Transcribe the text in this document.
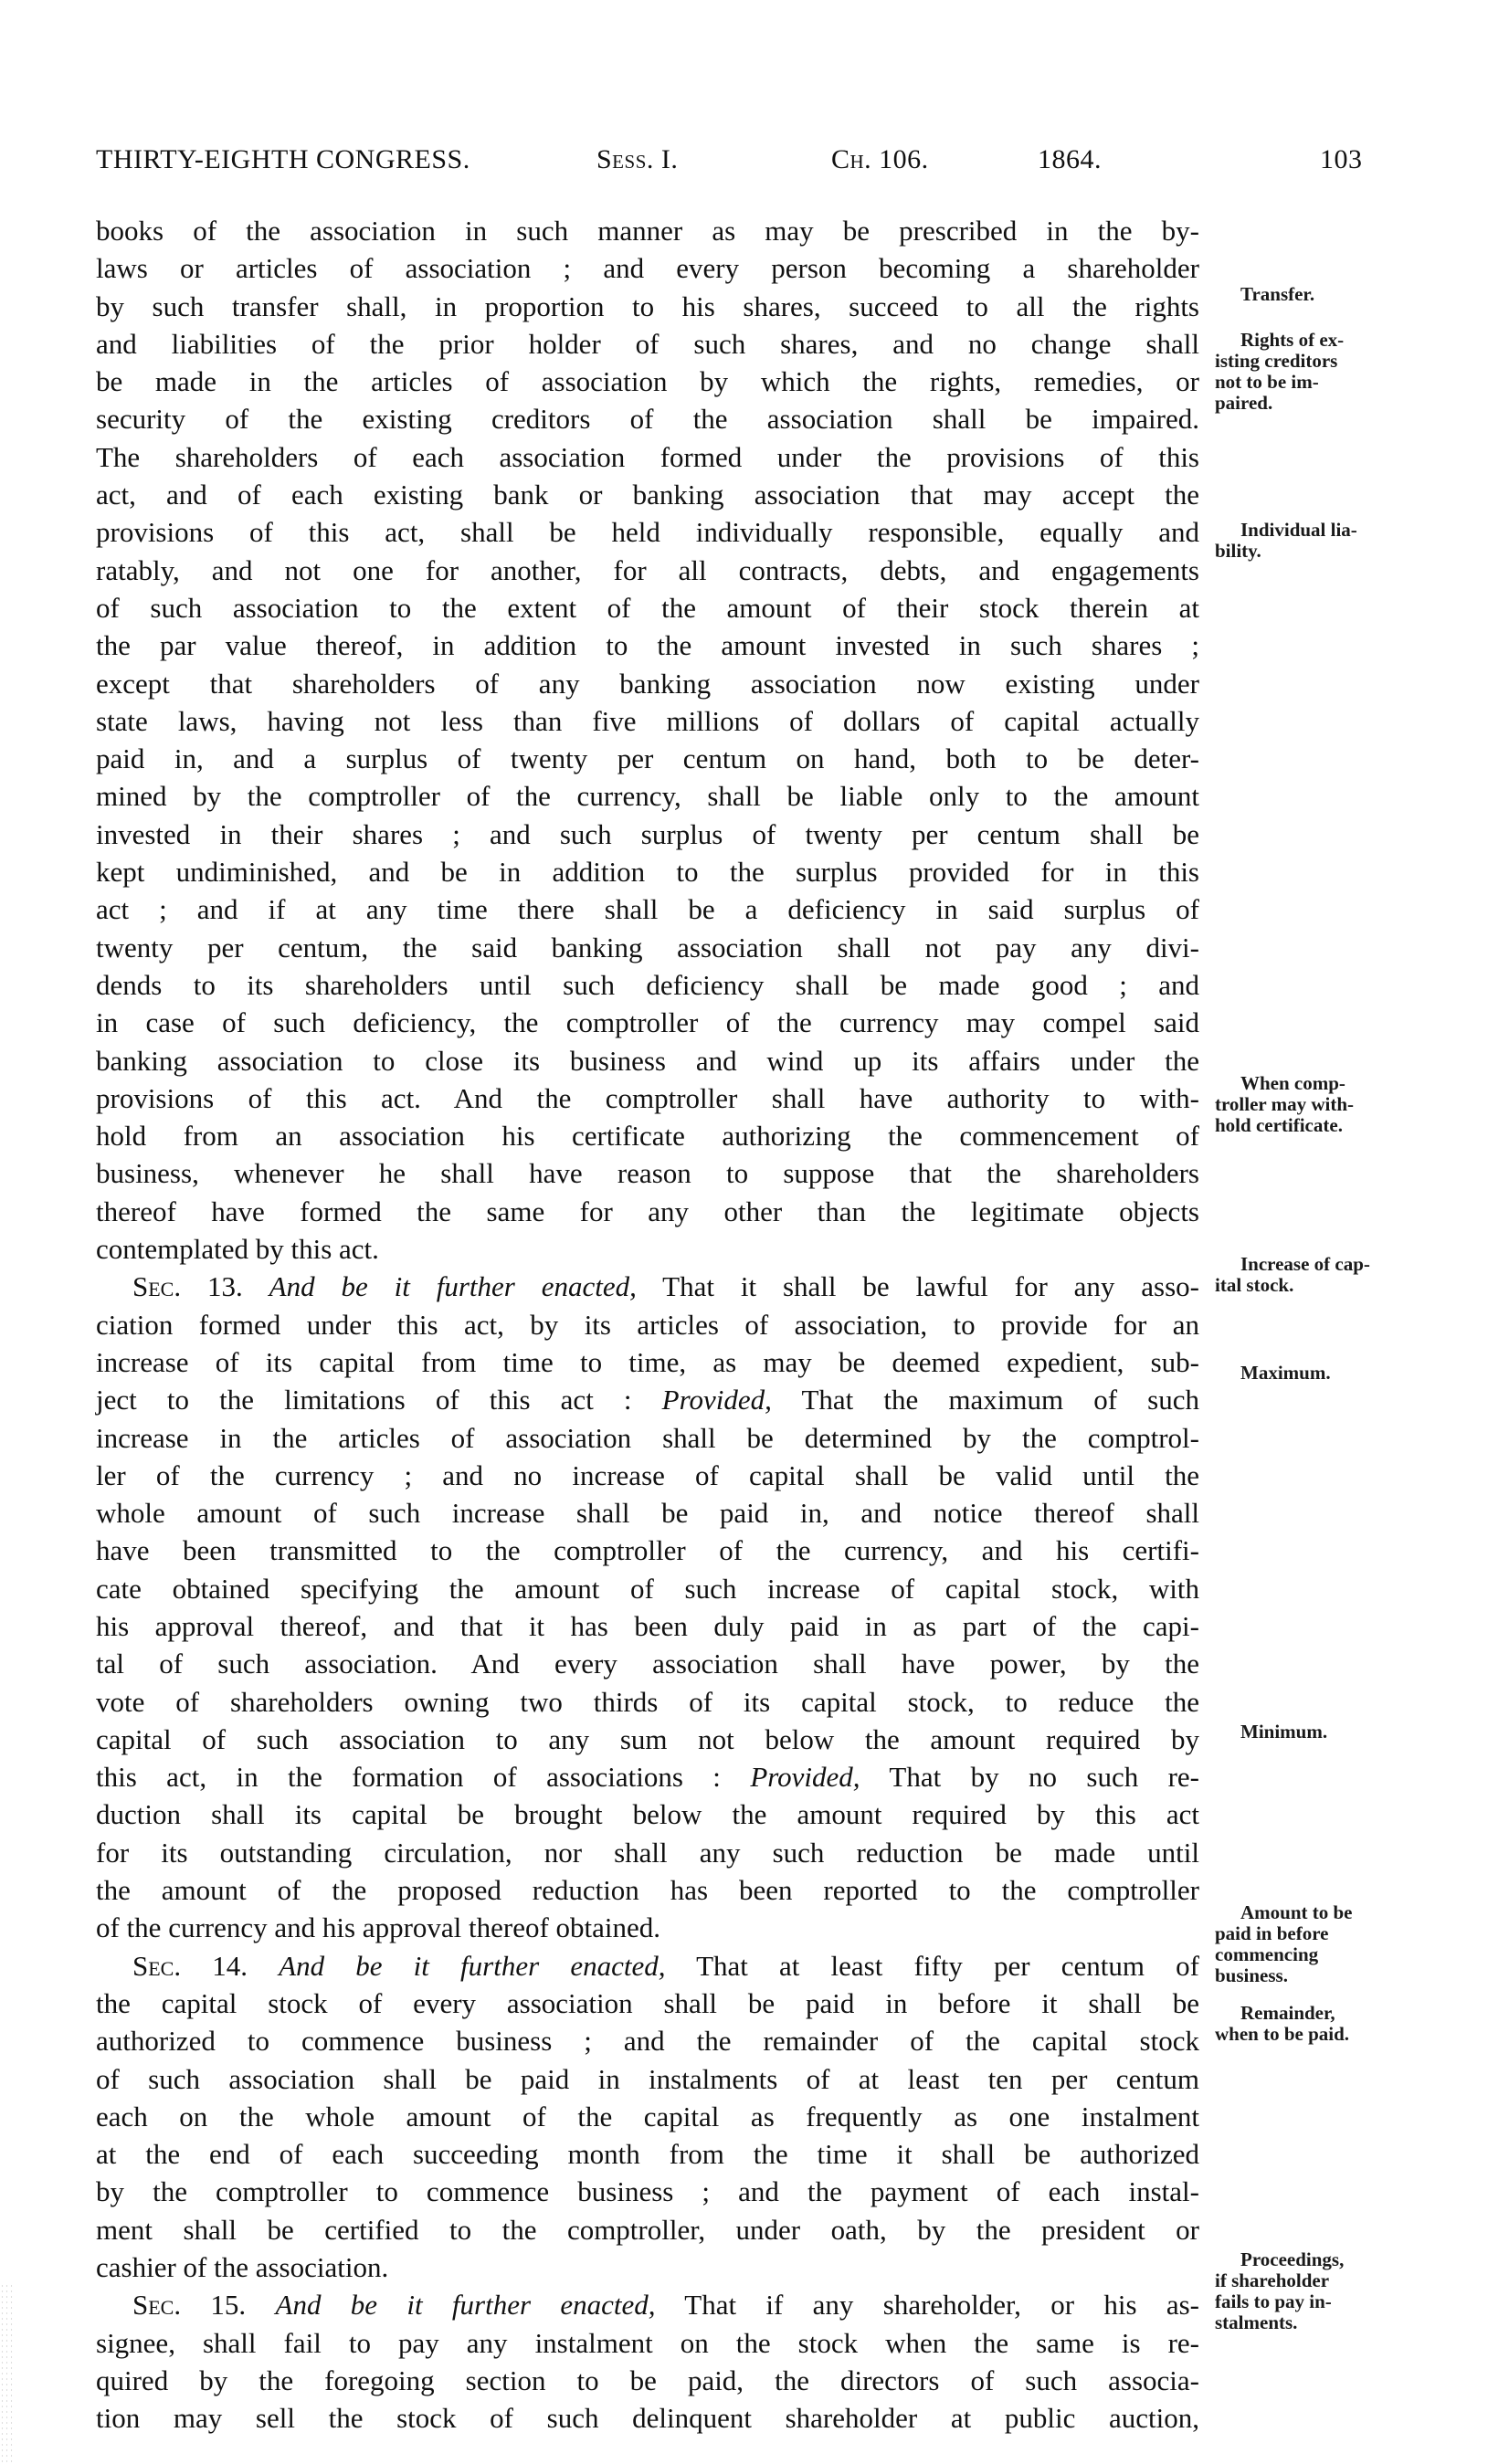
THIRTY-EIGHTH CONGRESS.	Sess. I.	Ch. 106.	1864.	103
books of the association in such manner as may be prescribed in the by-
laws or articles of association ; and every person becoming a shareholder
by such transfer shall, in proportion to his shares, succeed to all the rights
and liabilities of the prior holder of such shares, and no change shall
be made in the articles of association by which the rights, remedies, or
security of the existing creditors of the association shall be impaired.
The shareholders of each association formed under the provisions of this
act, and of each existing bank or banking association that may accept the
provisions of this act, shall be held individually responsible, equally and
ratably, and not one for another, for all contracts, debts, and engagements
of such association to the extent of the amount of their stock therein at
the par value thereof, in addition to the amount invested in such shares ;
except that shareholders of any banking association now existing under
state laws, having not less than five millions of dollars of capital actually
paid in, and a surplus of twenty per centum on hand, both to be deter-
mined by the comptroller of the currency, shall be liable only to the amount
invested in their shares ; and such surplus of twenty per centum shall be
kept undiminished, and be in addition to the surplus provided for in this
act ; and if at any time there shall be a deficiency in said surplus of
twenty per centum, the said banking association shall not pay any divi-
dends to its shareholders until such deficiency shall be made good ; and
in case of such deficiency, the comptroller of the currency may compel said
banking association to close its business and wind up its affairs under the
provisions of this act. And the comptroller shall have authority to with-
hold from an association his certificate authorizing the commencement of
business, whenever he shall have reason to suppose that the shareholders
thereof have formed the same for any other than the legitimate objects
contemplated by this act.
Sec. 13. And be it further enacted, That it shall be lawful for any asso-
ciation formed under this act, by its articles of association, to provide for an
increase of its capital from time to time, as may be deemed expedient, sub-
ject to the limitations of this act : Provided, That the maximum of such
increase in the articles of association shall be determined by the comptrol-
ler of the currency ; and no increase of capital shall be valid until the
whole amount of such increase shall be paid in, and notice thereof shall
have been transmitted to the comptroller of the currency, and his certifi-
cate obtained specifying the amount of such increase of capital stock, with
his approval thereof, and that it has been duly paid in as part of the capi-
tal of such association. And every association shall have power, by the
vote of shareholders owning two thirds of its capital stock, to reduce the
capital of such association to any sum not below the amount required by
this act, in the formation of associations : Provided, That by no such re-
duction shall its capital be brought below the amount required by this act
for its outstanding circulation, nor shall any such reduction be made until
the amount of the proposed reduction has been reported to the comptroller
of the currency and his approval thereof obtained.
Sec. 14. And be it further enacted, That at least fifty per centum of
the capital stock of every association shall be paid in before it shall be
authorized to commence business ; and the remainder of the capital stock
of such association shall be paid in instalments of at least ten per centum
each on the whole amount of the capital as frequently as one instalment
at the end of each succeeding month from the time it shall be authorized
by the comptroller to commence business ; and the payment of each instal-
ment shall be certified to the comptroller, under oath, by the president or
cashier of the association.
Sec. 15. And be it further enacted, That if any shareholder, or his as-
signee, shall fail to pay any instalment on the stock when the same is re-
quired by the foregoing section to be paid, the directors of such associa-
tion may sell the stock of such delinquent shareholder at public auction,
Transfer.
Rights of ex-
isting creditors
not to be im-
paired.
Individual lia-
bility.
When comp-
troller may with-
hold certificate.
Increase of cap-
ital stock.
Maximum.
Minimum.
Amount to be
paid in before
commencing
business.
Remainder,
when to be paid.
Proceedings,
if shareholder
fails to pay in-
stalments.
